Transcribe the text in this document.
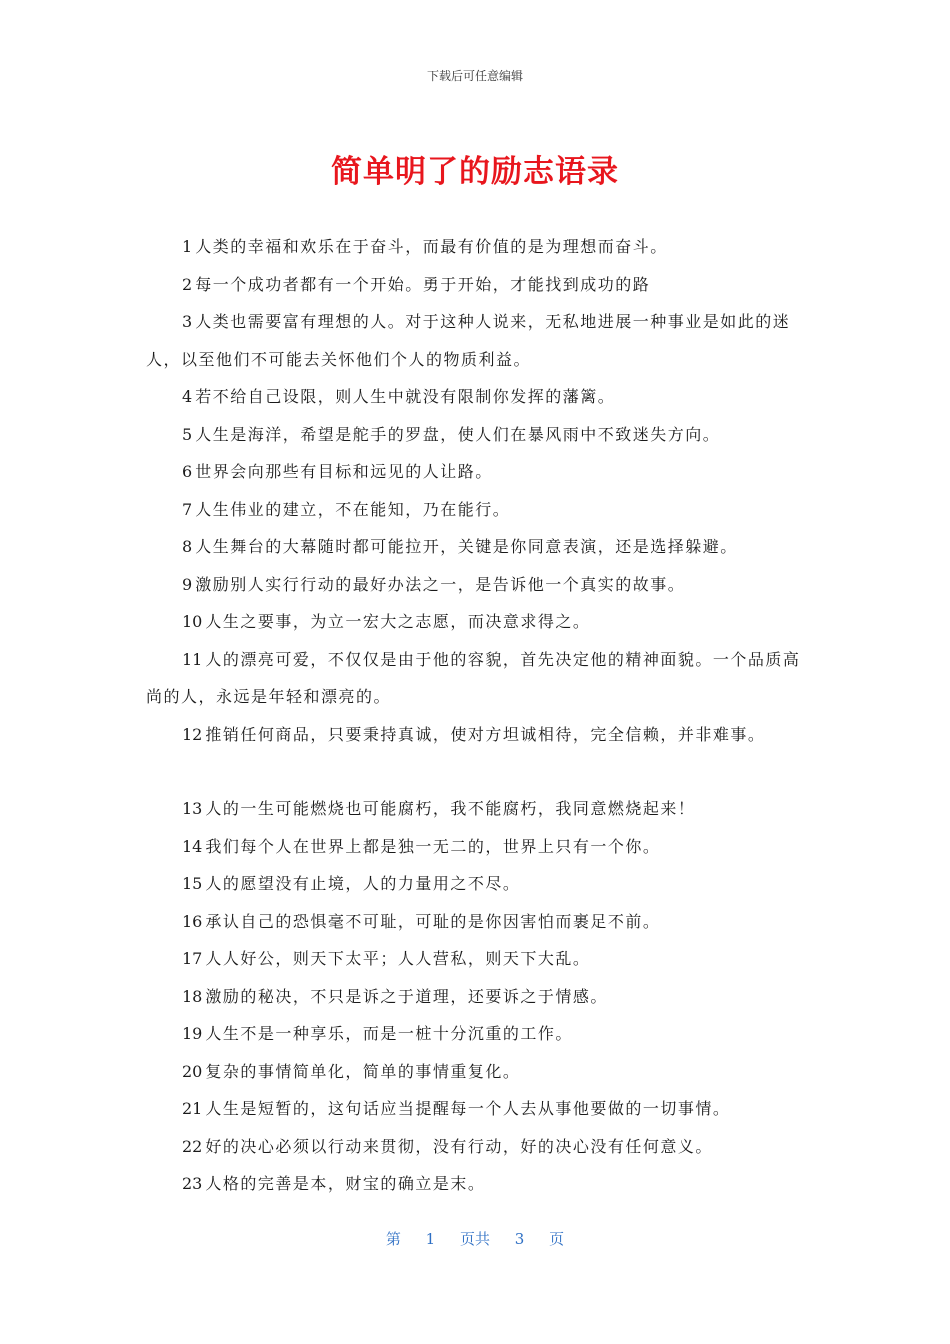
下载后可任意编辑
简单明了的励志语录

1 人类的幸福和欢乐在于奋斗，而最有价值的是为理想而奋斗。

2 每一个成功者都有一个开始。勇于开始，才能找到成功的路

3 人类也需要富有理想的人。对于这种人说来，无私地进展一种事业是如此的迷人，以至他们不可能去关怀他们个人的物质利益。

4 若不给自己设限，则人生中就没有限制你发挥的藩篱。

5 人生是海洋，希望是舵手的罗盘，使人们在暴风雨中不致迷失方向。

6 世界会向那些有目标和远见的人让路。

7 人生伟业的建立，不在能知，乃在能行。

8 人生舞台的大幕随时都可能拉开，关键是你同意表演，还是选择躲避。

9 激励别人实行行动的最好办法之一，是告诉他一个真实的故事。

10 人生之要事，为立一宏大之志愿，而决意求得之。

11 人的漂亮可爱，不仅仅是由于他的容貌，首先决定他的精神面貌。一个品质高尚的人，永远是年轻和漂亮的。

12 推销任何商品，只要秉持真诚，使对方坦诚相待，完全信赖，并非难事。

13 人的一生可能燃烧也可能腐朽，我不能腐朽，我同意燃烧起来！

14 我们每个人在世界上都是独一无二的，世界上只有一个你。

15 人的愿望没有止境，人的力量用之不尽。

16 承认自己的恐惧毫不可耻，可耻的是你因害怕而裹足不前。

17 人人好公，则天下太平；人人营私，则天下大乱。

18 激励的秘决，不只是诉之于道理，还要诉之于情感。

19 人生不是一种享乐，而是一桩十分沉重的工作。

20 复杂的事情简单化，简单的事情重复化。

21 人生是短暂的，这句话应当提醒每一个人去从事他要做的一切事情。

22 好的决心必须以行动来贯彻，没有行动，好的决心没有任何意义。

23 人格的完善是本，财宝的确立是末。

第 1 页共 3 页
